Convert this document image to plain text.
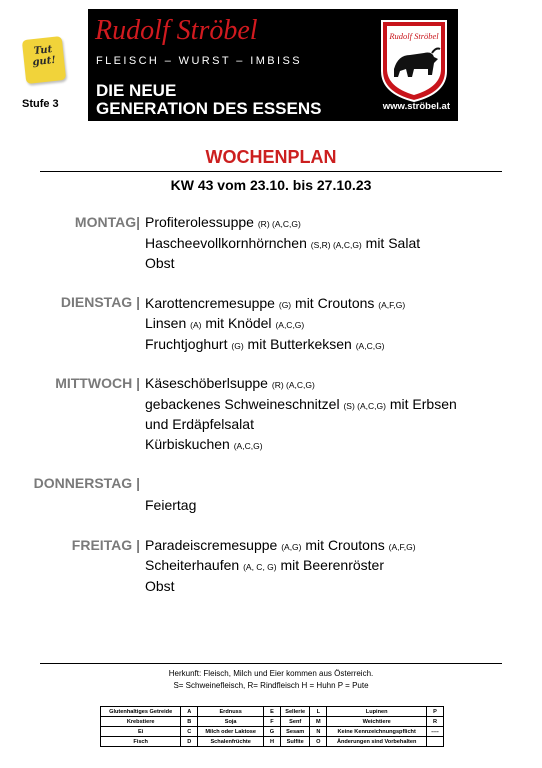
Tut gut!
Stufe 3
Rudolf Ströbel
FLEISCH – WURST – IMBISS
DIE NEUE
GENERATION DES ESSENS
Rudolf Ströbel
www.ströbel.at
WOCHENPLAN
KW 43 vom 23.10. bis 27.10.23
MONTAG| Profiterolessuppe (R) (A,C,G)
Hascheevollkornhörnchen (S,R) (A,C,G) mit Salat
Obst
DIENSTAG | Karottencremesuppe (G) mit Croutons (A,F,G)
Linsen (A) mit Knödel (A,C,G)
Fruchtjoghurt (G) mit Butterkeksen (A,C,G)
MITTWOCH | Käseschöberlsuppe (R) (A,C,G)
gebackenes Schweineschnitzel (S) (A,C,G) mit Erbsen
und Erdäpfelsalat
Kürbiskuchen (A,C,G)
DONNERSTAG |
Feiertag
FREITAG | Paradeiscremesuppe (A,G) mit Croutons (A,F,G)
Scheiterhaufen (A, C, G) mit Beerenröster
Obst
Herkunft: Fleisch, Milch und Eier kommen aus Österreich.
S= Schweinefleisch, R= Rindfleisch H = Huhn P = Pute
Glutenhaltiges Getreide	A	Erdnuss	E	Sellerie	L	Lupinen	P
Krebstiere	B	Soja	F	Senf	M	Weichtiere	R
Ei	C	Milch oder Laktose	G	Sesam	N	Keine Kennzeichnungspflicht	----
Fisch	D	Schalenfrüchte	H	Sulfite	O	Änderungen sind Vorbehalten	
